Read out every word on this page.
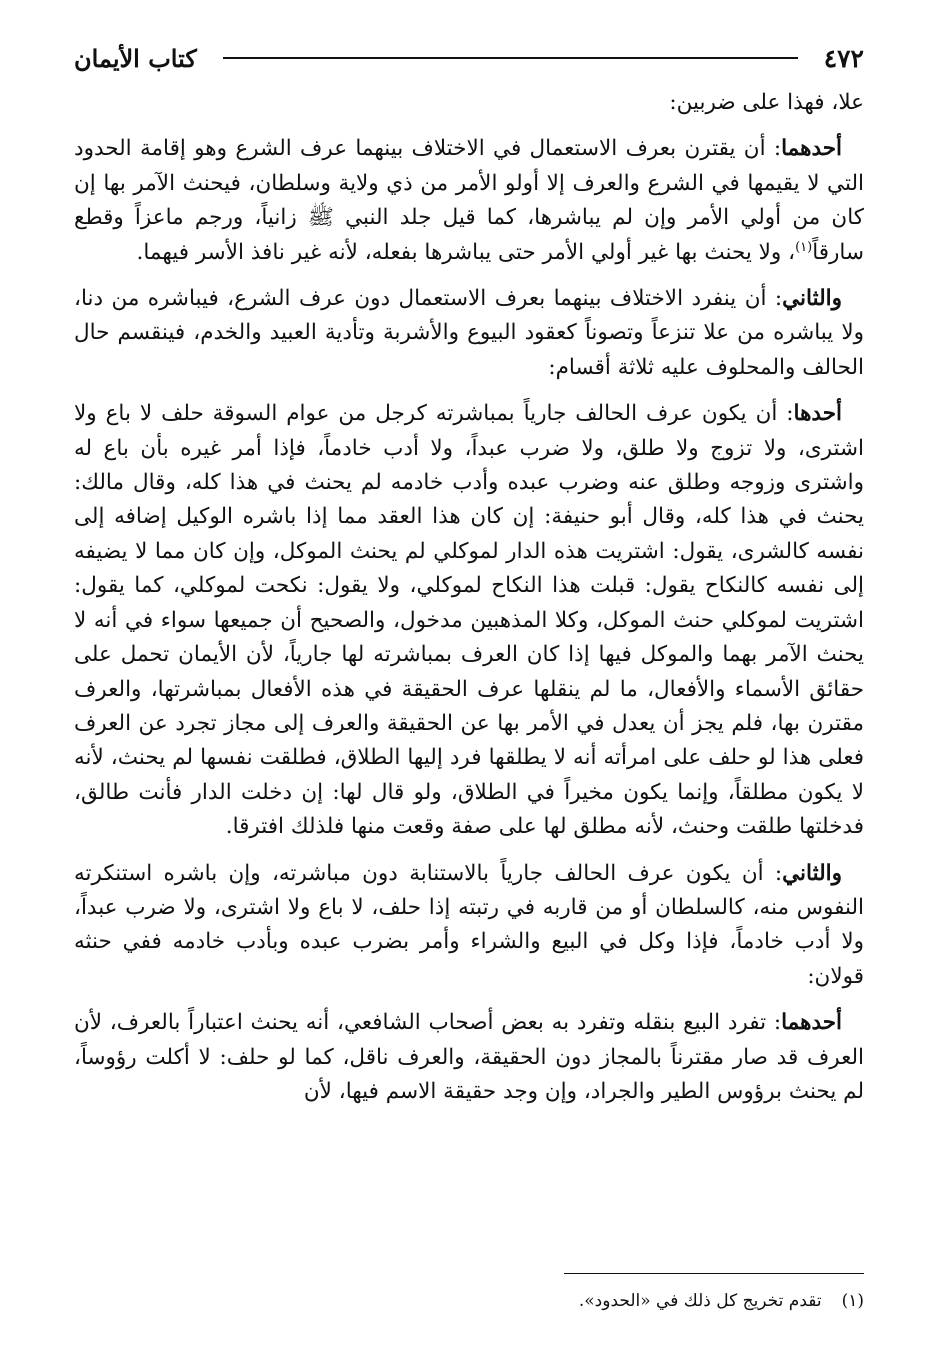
٤٧٢
كتاب الأيمان

علا، فهذا على ضربين:

أحدهما: أن يقترن بعرف الاستعمال في الاختلاف بينهما عرف الشرع وهو إقامة الحدود التي لا يقيمها في الشرع والعرف إلا أولو الأمر من ذي ولاية وسلطان، فيحنث الآمر بها إن كان من أولي الأمر وإن لم يباشرها، كما قيل جلد النبي ﷺ زانياً، ورجم ماعزاً وقطع سارقاً$^{(١)}$، ولا يحنث بها غير أولي الأمر حتى يباشرها بفعله، لأنه غير نافذ الأسر فيهما.

والثاني: أن ينفرد الاختلاف بينهما بعرف الاستعمال دون عرف الشرع، فيباشره من دنا، ولا يباشره من علا تنزعاً وتصوناً كعقود البيوع والأشربة وتأدية العبيد والخدم، فينقسم حال الحالف والمحلوف عليه ثلاثة أقسام:

أحدها: أن يكون عرف الحالف جارياً بمباشرته كرجل من عوام السوقة حلف لا باع ولا اشترى، ولا تزوج ولا طلق، ولا ضرب عبداً، ولا أدب خادماً، فإذا أمر غيره بأن باع له واشترى وزوجه وطلق عنه وضرب عبده وأدب خادمه لم يحنث في هذا كله، وقال مالك: يحنث في هذا كله، وقال أبو حنيفة: إن كان هذا العقد مما إذا باشره الوكيل إضافه إلى نفسه كالشرى، يقول: اشتريت هذه الدار لموكلي لم يحنث الموكل، وإن كان مما لا يضيفه إلى نفسه كالنكاح يقول: قبلت هذا النكاح لموكلي، ولا يقول: نكحت لموكلي، كما يقول: اشتريت لموكلي حنث الموكل، وكلا المذهبين مدخول، والصحيح أن جميعها سواء في أنه لا يحنث الآمر بهما والموكل فيها إذا كان العرف بمباشرته لها جارياً، لأن الأيمان تحمل على حقائق الأسماء والأفعال، ما لم ينقلها عرف الحقيقة في هذه الأفعال بمباشرتها، والعرف مقترن بها، فلم يجز أن يعدل في الأمر بها عن الحقيقة والعرف إلى مجاز تجرد عن العرف فعلى هذا لو حلف على امرأته أنه لا يطلقها فرد إليها الطلاق، فطلقت نفسها لم يحنث، لأنه لا يكون مطلقاً، وإنما يكون مخيراً في الطلاق، ولو قال لها: إن دخلت الدار فأنت طالق، فدخلتها طلقت وحنث، لأنه مطلق لها على صفة وقعت منها فلذلك افترقا.

والثاني: أن يكون عرف الحالف جارياً بالاستنابة دون مباشرته، وإن باشره استنكرته النفوس منه، كالسلطان أو من قاربه في رتبته إذا حلف، لا باع ولا اشترى، ولا ضرب عبداً، ولا أدب خادماً، فإذا وكل في البيع والشراء وأمر بضرب عبده وبأدب خادمه ففي حنثه قولان:

أحدهما: تفرد البيع بنقله وتفرد به بعض أصحاب الشافعي، أنه يحنث اعتباراً بالعرف، لأن العرف قد صار مقترناً بالمجاز دون الحقيقة، والعرف ناقل، كما لو حلف: لا أكلت رؤوساً، لم يحنث برؤوس الطير والجراد، وإن وجد حقيقة الاسم فيها، لأن

(١)
تقدم تخريج كل ذلك في «الحدود».
